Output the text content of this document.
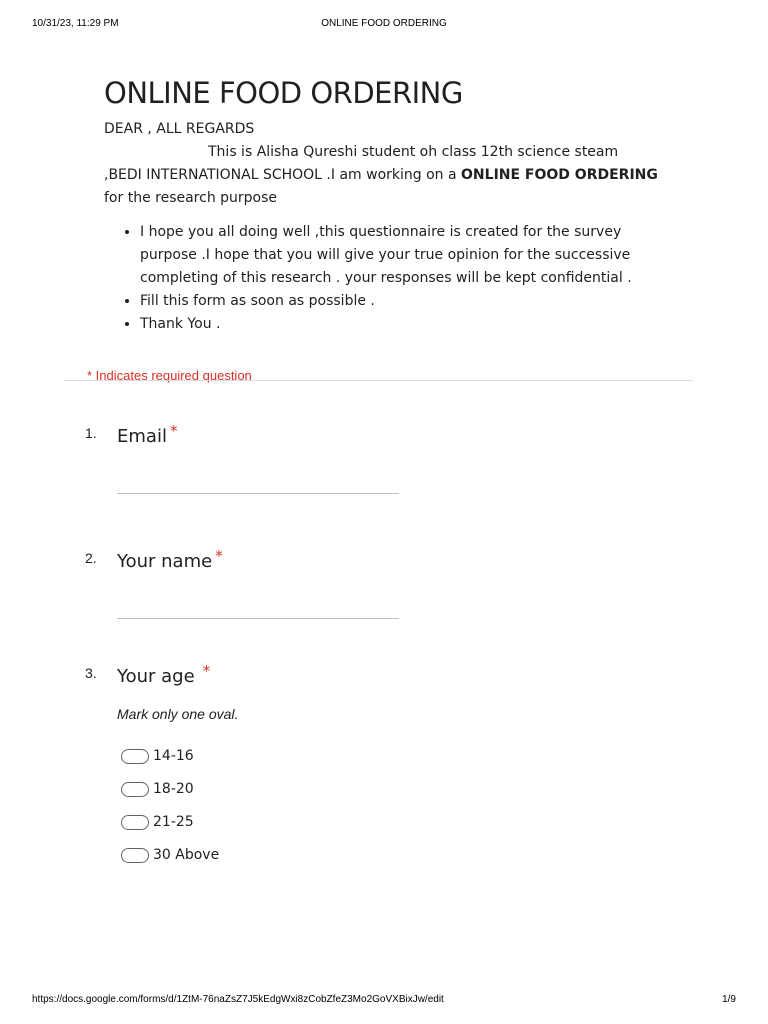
10/31/23, 11:29 PM	ONLINE FOOD ORDERING
ONLINE FOOD ORDERING

DEAR , ALL REGARDS

This is Alisha Qureshi student oh class 12th science steam

,BEDI INTERNATIONAL SCHOOL .I am working on a ONLINE FOOD ORDERING for the research purpose

• I hope you all doing well ,this questionnaire is created for the survey purpose .I hope that you will give your true opinion for the successive completing of this research . your responses will be kept confidential .
• Fill this form as soon as possible .
• Thank You .
* Indicates required question
1. Email *
2. Your name *
3. Your age *
Mark only one oval.
14-16
18-20
21-25
30 Above
https://docs.google.com/forms/d/1ZtM-76naZsZ7J5kEdgWxi8zCobZfeZ3Mo2GoVXBixJw/edit	1/9
